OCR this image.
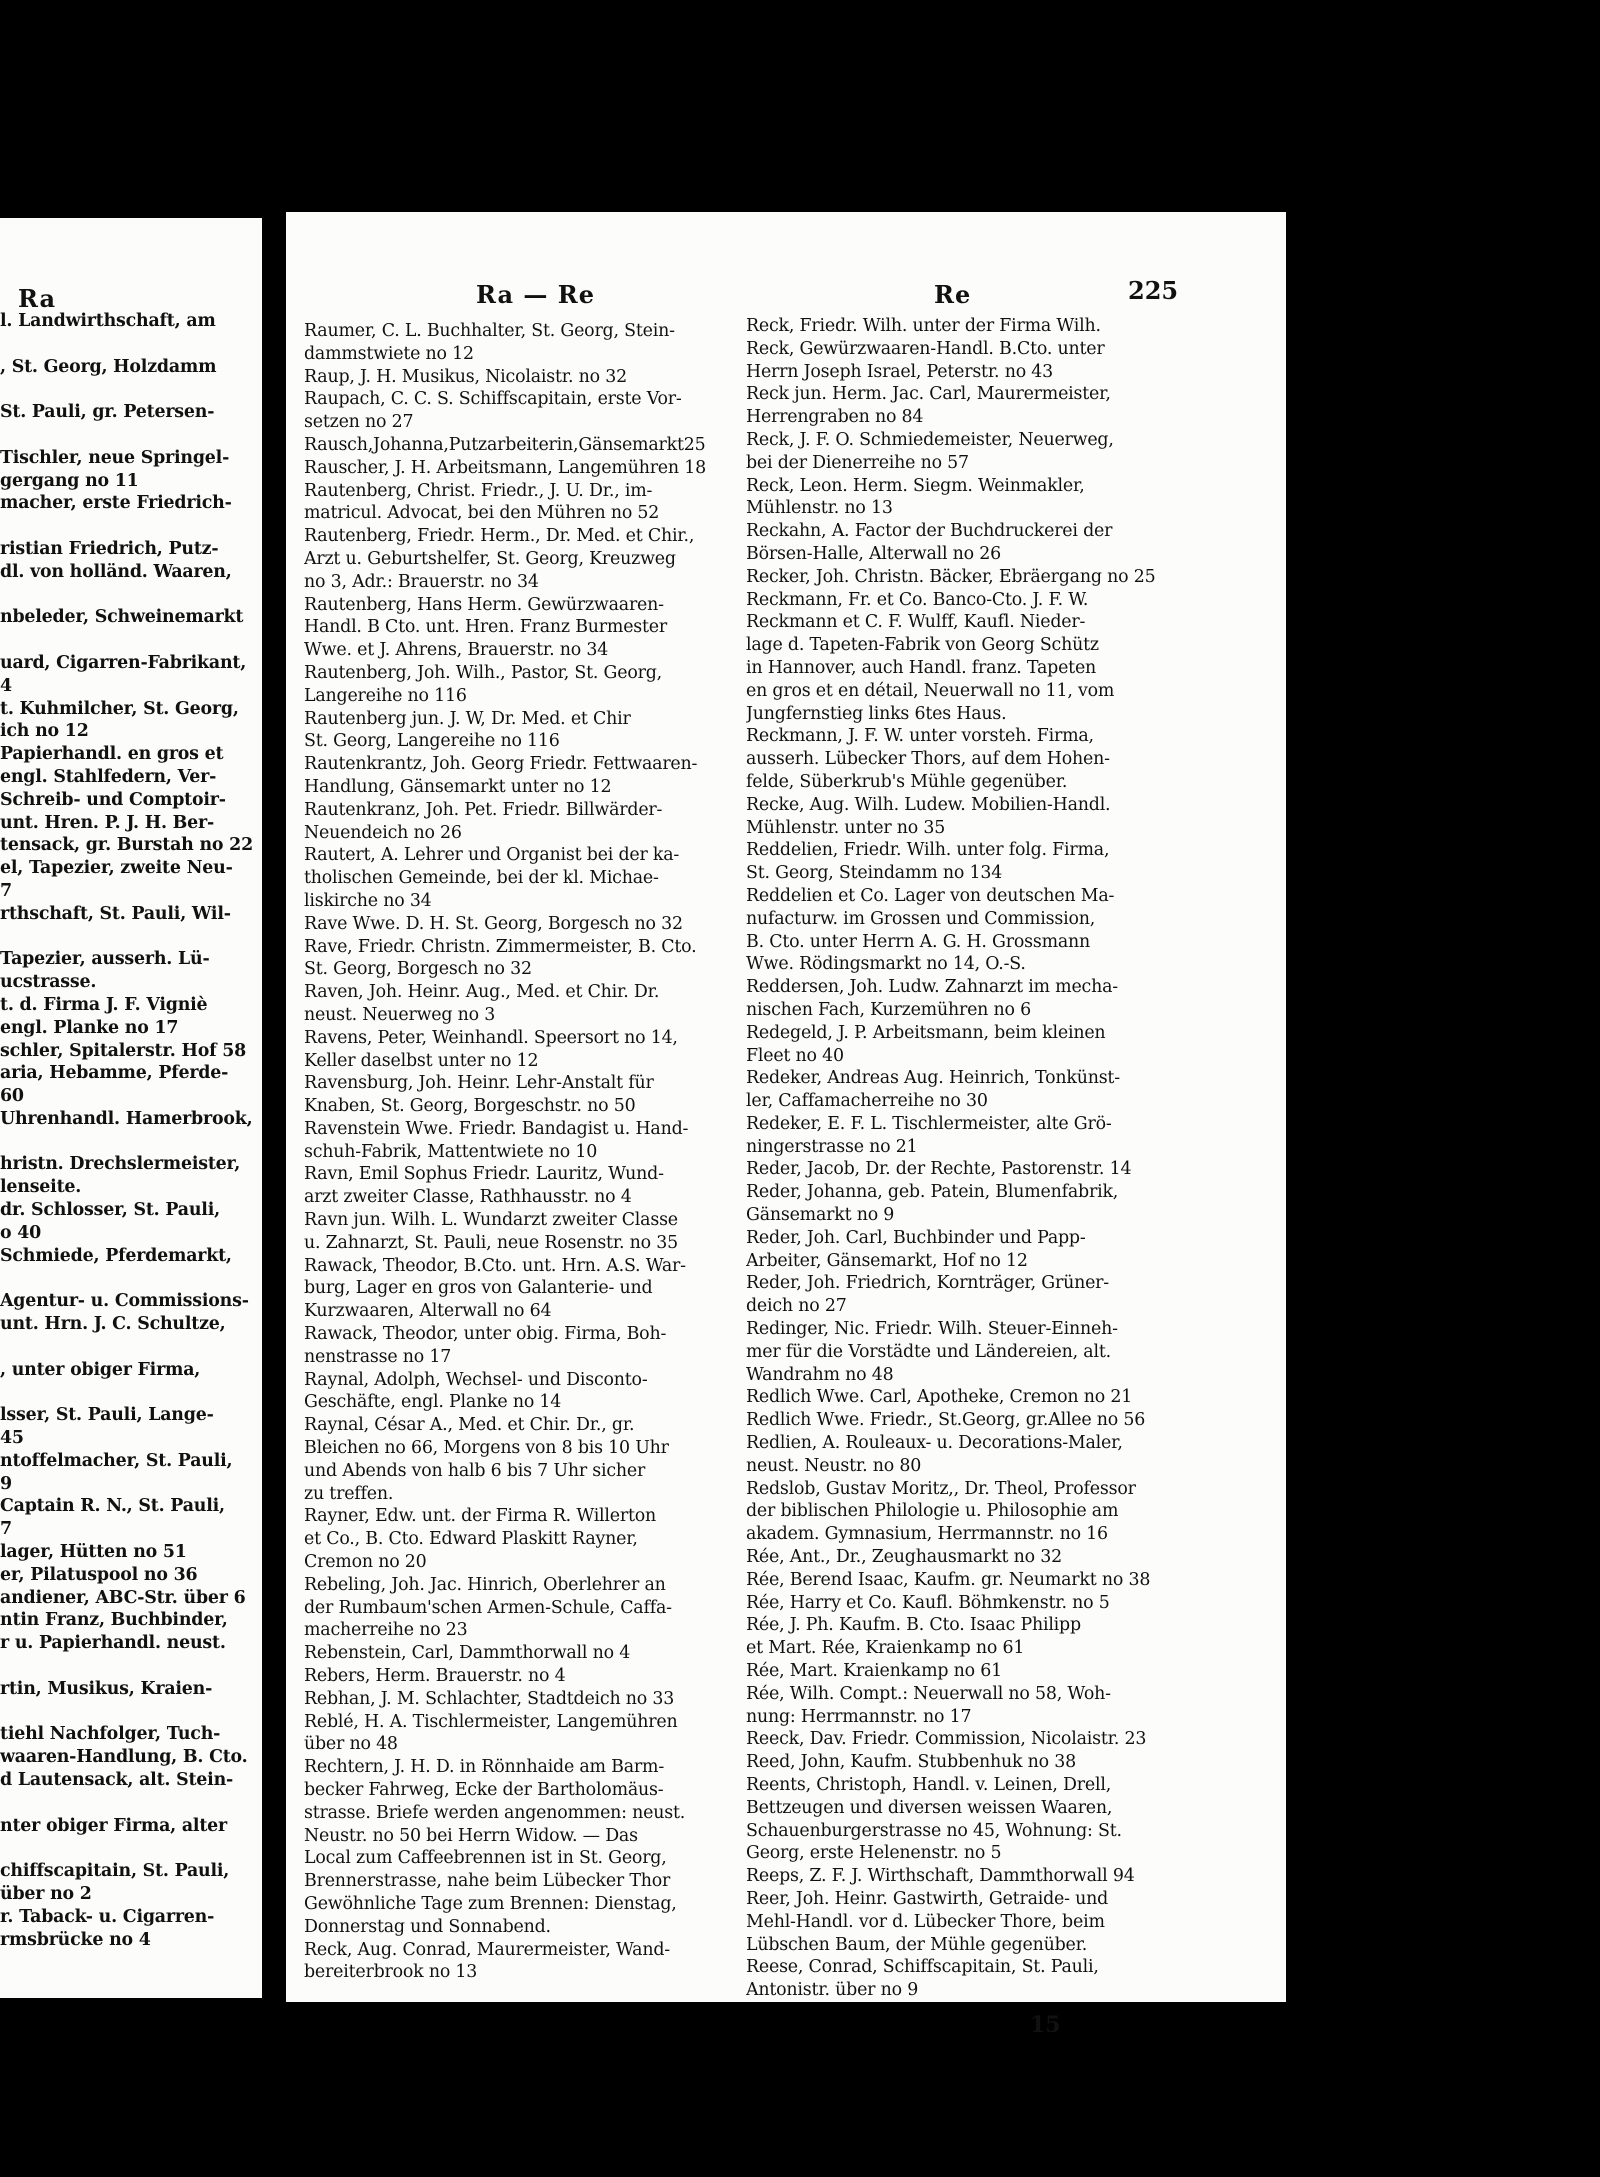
Ra
l. Landwirthschaft, am
, St. Georg, Holzdamm
St. Pauli, gr. Petersen-
Tischler, neue Springel-
gergang no 11
macher, erste Friedrich-
ristian Friedrich, Putz-
dl. von holländ. Waaren,
nbeleder, Schweinemarkt
uard, Cigarren-Fabrikant,
4
t. Kuhmilcher, St. Georg,
ich no 12
Papierhandl. en gros et
engl. Stahlfedern, Ver-
Schreib- und Comptoir-
unt. Hren. P. J. H. Ber-
tensack, gr. Burstah no 22
el, Tapezier, zweite Neu-
7
rthschaft, St. Pauli, Wil-
Tapezier, ausserh. Lü-
ucstrasse.
t. d. Firma J. F. Vigniè
engl. Planke no 17
schler, Spitalerstr. Hof 58
aria, Hebamme, Pferde-
60
Uhrenhandl. Hamerbrook,
hristn. Drechslermeister,
lenseite.
dr. Schlosser, St. Pauli,
o 40
Schmiede, Pferdemarkt,
Agentur- u. Commissions-
unt. Hrn. J. C. Schultze,
, unter obiger Firma,
lsser, St. Pauli, Lange-
45
ntoffelmacher, St. Pauli,
9
Captain R. N., St. Pauli,
7
lager, Hütten no 51
er, Pilatuspool no 36
andiener, ABC-Str. über 6
ntin Franz, Buchbinder,
r u. Papierhandl. neust.
rtin, Musikus, Kraien-
tiehl Nachfolger, Tuch-
waaren-Handlung, B. Cto.
d Lautensack, alt. Stein-
nter obiger Firma, alter
chiffscapitain, St. Pauli,
über no 2
r. Taback- u. Cigarren-
rmsbrücke no 4
Ra — Re	Re	225
Raumer, C. L. Buchhalter, St. Georg, Stein-
dammstwiete no 12
Raup, J. H. Musikus, Nicolaistr. no 32
Raupach, C. C. S. Schiffscapitain, erste Vor-
setzen no 27
Rausch,Johanna,Putzarbeiterin,Gänsemarkt25
Rauscher, J. H. Arbeitsmann, Langemühren 18
Rautenberg, Christ. Friedr., J. U. Dr., im-
matricul. Advocat, bei den Mühren no 52
Rautenberg, Friedr. Herm., Dr. Med. et Chir.,
Arzt u. Geburtshelfer, St. Georg, Kreuzweg
no 3, Adr.: Brauerstr. no 34
Rautenberg, Hans Herm. Gewürzwaaren-
Handl. B Cto. unt. Hren. Franz Burmester
Wwe. et J. Ahrens, Brauerstr. no 34
Rautenberg, Joh. Wilh., Pastor, St. Georg,
Langereihe no 116
Rautenberg jun. J. W, Dr. Med. et Chir
St. Georg, Langereihe no 116
Rautenkrantz, Joh. Georg Friedr. Fettwaaren-
Handlung, Gänsemarkt unter no 12
Rautenkranz, Joh. Pet. Friedr. Billwärder-
Neuendeich no 26
Rautert, A. Lehrer und Organist bei der ka-
tholischen Gemeinde, bei der kl. Michae-
liskirche no 34
Rave Wwe. D. H. St. Georg, Borgesch no 32
Rave, Friedr. Christn. Zimmermeister, B. Cto.
St. Georg, Borgesch no 32
Raven, Joh. Heinr. Aug., Med. et Chir. Dr.
neust. Neuerweg no 3
Ravens, Peter, Weinhandl. Speersort no 14,
Keller daselbst unter no 12
Ravensburg, Joh. Heinr. Lehr-Anstalt für
Knaben, St. Georg, Borgeschstr. no 50
Ravenstein Wwe. Friedr. Bandagist u. Hand-
schuh-Fabrik, Mattentwiete no 10
Ravn, Emil Sophus Friedr. Lauritz, Wund-
arzt zweiter Classe, Rathhausstr. no 4
Ravn jun. Wilh. L. Wundarzt zweiter Classe
u. Zahnarzt, St. Pauli, neue Rosenstr. no 35
Rawack, Theodor, B.Cto. unt. Hrn. A.S. War-
burg, Lager en gros von Galanterie- und
Kurzwaaren, Alterwall no 64
Rawack, Theodor, unter obig. Firma, Boh-
nenstrasse no 17
Raynal, Adolph, Wechsel- und Disconto-
Geschäfte, engl. Planke no 14
Raynal, César A., Med. et Chir. Dr., gr.
Bleichen no 66, Morgens von 8 bis 10 Uhr
und Abends von halb 6 bis 7 Uhr sicher
zu treffen.
Rayner, Edw. unt. der Firma R. Willerton
et Co., B. Cto. Edward Plaskitt Rayner,
Cremon no 20
Rebeling, Joh. Jac. Hinrich, Oberlehrer an
der Rumbaum'schen Armen-Schule, Caffa-
macherreihe no 23
Rebenstein, Carl, Dammthorwall no 4
Rebers, Herm. Brauerstr. no 4
Rebhan, J. M. Schlachter, Stadtdeich no 33
Reblé, H. A. Tischlermeister, Langemühren
über no 48
Rechtern, J. H. D. in Rönnhaide am Barm-
becker Fahrweg, Ecke der Bartholomäus-
strasse. Briefe werden angenommen: neust.
Neustr. no 50 bei Herrn Widow. — Das
Local zum Caffeebrennen ist in St. Georg,
Brennerstrasse, nahe beim Lübecker Thor
Gewöhnliche Tage zum Brennen: Dienstag,
Donnerstag und Sonnabend.
Reck, Aug. Conrad, Maurermeister, Wand-
bereiterbrook no 13
Reck, Friedr. Wilh. unter der Firma Wilh.
Reck, Gewürzwaaren-Handl. B.Cto. unter
Herrn Joseph Israel, Peterstr. no 43
Reck jun. Herm. Jac. Carl, Maurermeister,
Herrengraben no 84
Reck, J. F. O. Schmiedemeister, Neuerweg,
bei der Dienerreihe no 57
Reck, Leon. Herm. Siegm. Weinmakler,
Mühlenstr. no 13
Reckahn, A. Factor der Buchdruckerei der
Börsen-Halle, Alterwall no 26
Recker, Joh. Christn. Bäcker, Ebräergang no 25
Reckmann, Fr. et Co. Banco-Cto. J. F. W.
Reckmann et C. F. Wulff, Kaufl. Nieder-
lage d. Tapeten-Fabrik von Georg Schütz
in Hannover, auch Handl. franz. Tapeten
en gros et en détail, Neuerwall no 11, vom
Jungfernstieg links 6tes Haus.
Reckmann, J. F. W. unter vorsteh. Firma,
ausserh. Lübecker Thors, auf dem Hohen-
felde, Süberkrub's Mühle gegenüber.
Recke, Aug. Wilh. Ludew. Mobilien-Handl.
Mühlenstr. unter no 35
Reddelien, Friedr. Wilh. unter folg. Firma,
St. Georg, Steindamm no 134
Reddelien et Co. Lager von deutschen Ma-
nufacturw. im Grossen und Commission,
B. Cto. unter Herrn A. G. H. Grossmann
Wwe. Rödingsmarkt no 14, O.-S.
Reddersen, Joh. Ludw. Zahnarzt im mecha-
nischen Fach, Kurzemühren no 6
Redegeld, J. P. Arbeitsmann, beim kleinen
Fleet no 40
Redeker, Andreas Aug. Heinrich, Tonkünst-
ler, Caffamacherreihe no 30
Redeker, E. F. L. Tischlermeister, alte Grö-
ningerstrasse no 21
Reder, Jacob, Dr. der Rechte, Pastorenstr. 14
Reder, Johanna, geb. Patein, Blumenfabrik,
Gänsemarkt no 9
Reder, Joh. Carl, Buchbinder und Papp-
Arbeiter, Gänsemarkt, Hof no 12
Reder, Joh. Friedrich, Kornträger, Grüner-
deich no 27
Redinger, Nic. Friedr. Wilh. Steuer-Einneh-
mer für die Vorstädte und Ländereien, alt.
Wandrahm no 48
Redlich Wwe. Carl, Apotheke, Cremon no 21
Redlich Wwe. Friedr., St.Georg, gr.Allee no 56
Redlien, A. Rouleaux- u. Decorations-Maler,
neust. Neustr. no 80
Redslob, Gustav Moritz,, Dr. Theol, Professor
der biblischen Philologie u. Philosophie am
akadem. Gymnasium, Herrmannstr. no 16
Rée, Ant., Dr., Zeughausmarkt no 32
Rée, Berend Isaac, Kaufm. gr. Neumarkt no 38
Rée, Harry et Co. Kaufl. Böhmkenstr. no 5
Rée, J. Ph. Kaufm. B. Cto. Isaac Philipp
et Mart. Rée, Kraienkamp no 61
Rée, Mart. Kraienkamp no 61
Rée, Wilh. Compt.: Neuerwall no 58, Woh-
nung: Herrmannstr. no 17
Reeck, Dav. Friedr. Commission, Nicolaistr. 23
Reed, John, Kaufm. Stubbenhuk no 38
Reents, Christoph, Handl. v. Leinen, Drell,
Bettzeugen und diversen weissen Waaren,
Schauenburgerstrasse no 45, Wohnung: St.
Georg, erste Helenenstr. no 5
Reeps, Z. F. J. Wirthschaft, Dammthorwall 94
Reer, Joh. Heinr. Gastwirth, Getraide- und
Mehl-Handl. vor d. Lübecker Thore, beim
Lübschen Baum, der Mühle gegenüber.
Reese, Conrad, Schiffscapitain, St. Pauli,
Antonistr. über no 9
15
